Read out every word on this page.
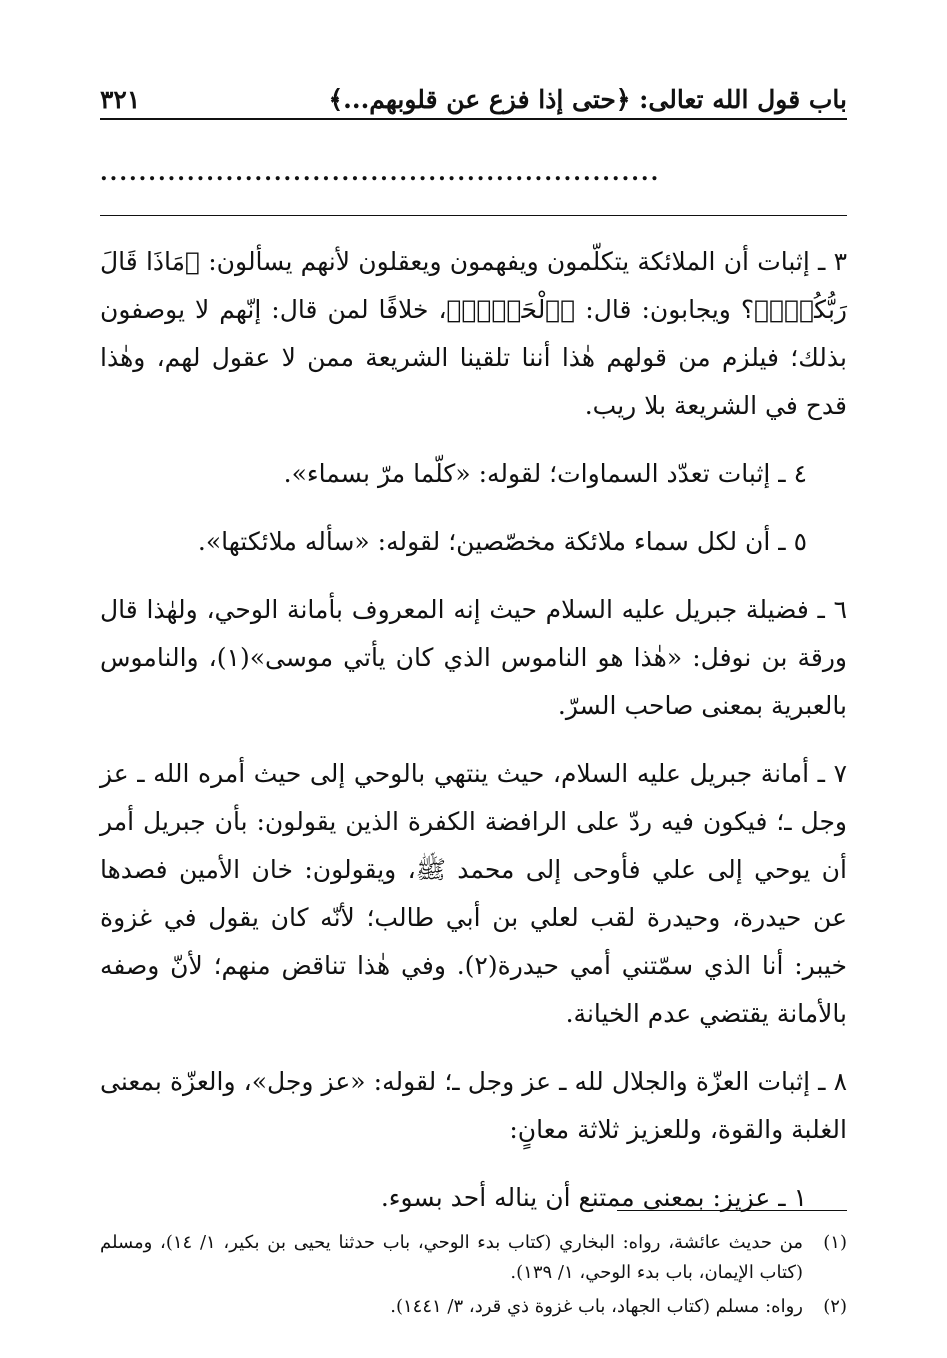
باب قول الله تعالى: ﴿حتى إذا فزع عن قلوبهم...﴾
٣٢١
..........................................................

٣ ـ إثبات أن الملائكة يتكلّمون ويفهمون ويعقلون لأنهم يسألون: ﴿مَاذَا قَالَ رَبُّكُمْۖ﴾؟ ويجابون: قال: ﴿ٱلْحَقَّۖ﴾، خلافًا لمن قال: إنّهم لا يوصفون بذلك؛ فيلزم من قولهم هٰذا أننا تلقينا الشريعة ممن لا عقول لهم، وهٰذا قدح في الشريعة بلا ريب.

٤ ـ إثبات تعدّد السماوات؛ لقوله: «كلّما مرّ بسماء».

٥ ـ أن لكل سماء ملائكة مخصّصين؛ لقوله: «سأله ملائكتها».

٦ ـ فضيلة جبريل عليه السلام حيث إنه المعروف بأمانة الوحي، ولهٰذا قال ورقة بن نوفل: «هٰذا هو الناموس الذي كان يأتي موسى»(١)، والناموس بالعبرية بمعنى صاحب السرّ.

٧ ـ أمانة جبريل عليه السلام، حيث ينتهي بالوحي إلى حيث أمره الله ـ عز وجل ـ؛ فيكون فيه ردّ على الرافضة الكفرة الذين يقولون: بأن جبريل أمر أن يوحي إلى علي فأوحى إلى محمد ﷺ، ويقولون: خان الأمين فصدها عن حيدرة، وحيدرة لقب لعلي بن أبي طالب؛ لأنّه كان يقول في غزوة خيبر: أنا الذي سمّتني أمي حيدرة(٢). وفي هٰذا تناقض منهم؛ لأنّ وصفه بالأمانة يقتضي عدم الخيانة.

٨ ـ إثبات العزّة والجلال لله ـ عز وجل ـ؛ لقوله: «عز وجل»، والعزّة بمعنى الغلبة والقوة، وللعزيز ثلاثة معانٍ:

١ ـ عزيز: بمعنى ممتنع أن يناله أحد بسوء.

(١)
من حديث عائشة، رواه: البخاري (كتاب بدء الوحي، باب حدثنا يحيى بن بكير، ١/ ١٤)، ومسلم (كتاب الإيمان، باب بدء الوحي، ١/ ١٣٩).
(٢)
رواه: مسلم (كتاب الجهاد، باب غزوة ذي قرد، ٣/ ١٤٤١).
